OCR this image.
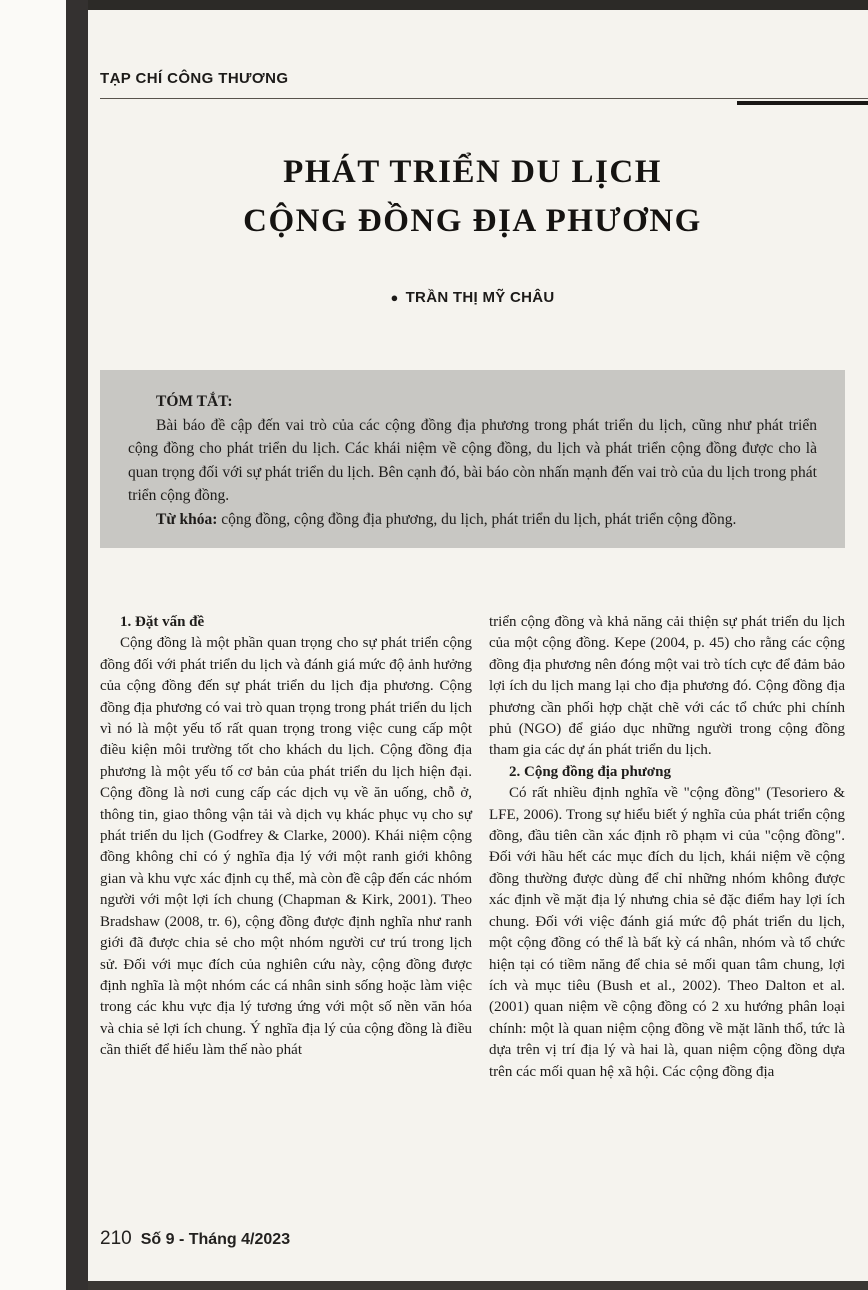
TẠP CHÍ CÔNG THƯƠNG
PHÁT TRIỂN DU LỊCH
CỘNG ĐỒNG ĐỊA PHƯƠNG
● TRẦN THỊ MỸ CHÂU
TÓM TẮT:

Bài báo đề cập đến vai trò của các cộng đồng địa phương trong phát triển du lịch, cũng như phát triển cộng đồng cho phát triển du lịch. Các khái niệm về cộng đồng, du lịch và phát triển cộng đồng được cho là quan trọng đối với sự phát triển du lịch. Bên cạnh đó, bài báo còn nhấn mạnh đến vai trò của du lịch trong phát triển cộng đồng.

Từ khóa: cộng đồng, cộng đồng địa phương, du lịch, phát triển du lịch, phát triển cộng đồng.

1. Đặt vấn đề

Cộng đồng là một phần quan trọng cho sự phát triển cộng đồng đối với phát triển du lịch và đánh giá mức độ ảnh hưởng của cộng đồng đến sự phát triển du lịch địa phương. Cộng đồng địa phương có vai trò quan trọng trong phát triển du lịch vì nó là một yếu tố rất quan trọng trong việc cung cấp một điều kiện môi trường tốt cho khách du lịch. Cộng đồng địa phương là một yếu tố cơ bản của phát triển du lịch hiện đại. Cộng đồng là nơi cung cấp các dịch vụ về ăn uống, chỗ ở, thông tin, giao thông vận tải và dịch vụ khác phục vụ cho sự phát triển du lịch (Godfrey & Clarke, 2000). Khái niệm cộng đồng không chỉ có ý nghĩa địa lý với một ranh giới không gian và khu vực xác định cụ thể, mà còn đề cập đến các nhóm người với một lợi ích chung (Chapman & Kirk, 2001). Theo Bradshaw (2008, tr. 6), cộng đồng được định nghĩa như ranh giới đã được chia sẻ cho một nhóm người cư trú trong lịch sử. Đối với mục đích của nghiên cứu này, cộng đồng được định nghĩa là một nhóm các cá nhân sinh sống hoặc làm việc trong các khu vực địa lý tương ứng với một số nền văn hóa và chia sẻ lợi ích chung. Ý nghĩa địa lý của cộng đồng là điều cần thiết để hiểu làm thế nào phát

triển cộng đồng và khả năng cải thiện sự phát triển du lịch của một cộng đồng. Kepe (2004, p. 45) cho rằng các cộng đồng địa phương nên đóng một vai trò tích cực để đảm bảo lợi ích du lịch mang lại cho địa phương đó. Cộng đồng địa phương cần phối hợp chặt chẽ với các tổ chức phi chính phủ (NGO) để giáo dục những người trong cộng đồng tham gia các dự án phát triển du lịch.

2. Cộng đồng địa phương

Có rất nhiều định nghĩa về "cộng đồng" (Tesoriero & LFE, 2006). Trong sự hiểu biết ý nghĩa của phát triển cộng đồng, đầu tiên cần xác định rõ phạm vi của "cộng đồng". Đối với hầu hết các mục đích du lịch, khái niệm về cộng đồng thường được dùng để chỉ những nhóm không được xác định về mặt địa lý nhưng chia sẻ đặc điểm hay lợi ích chung. Đối với việc đánh giá mức độ phát triển du lịch, một cộng đồng có thể là bất kỳ cá nhân, nhóm và tổ chức hiện tại có tiềm năng để chia sẻ mối quan tâm chung, lợi ích và mục tiêu (Bush et al., 2002). Theo Dalton et al. (2001) quan niệm về cộng đồng có 2 xu hướng phân loại chính: một là quan niệm cộng đồng về mặt lãnh thổ, tức là dựa trên vị trí địa lý và hai là, quan niệm cộng đồng dựa trên các mối quan hệ xã hội. Các cộng đồng địa

210 Số 9 - Tháng 4/2023
